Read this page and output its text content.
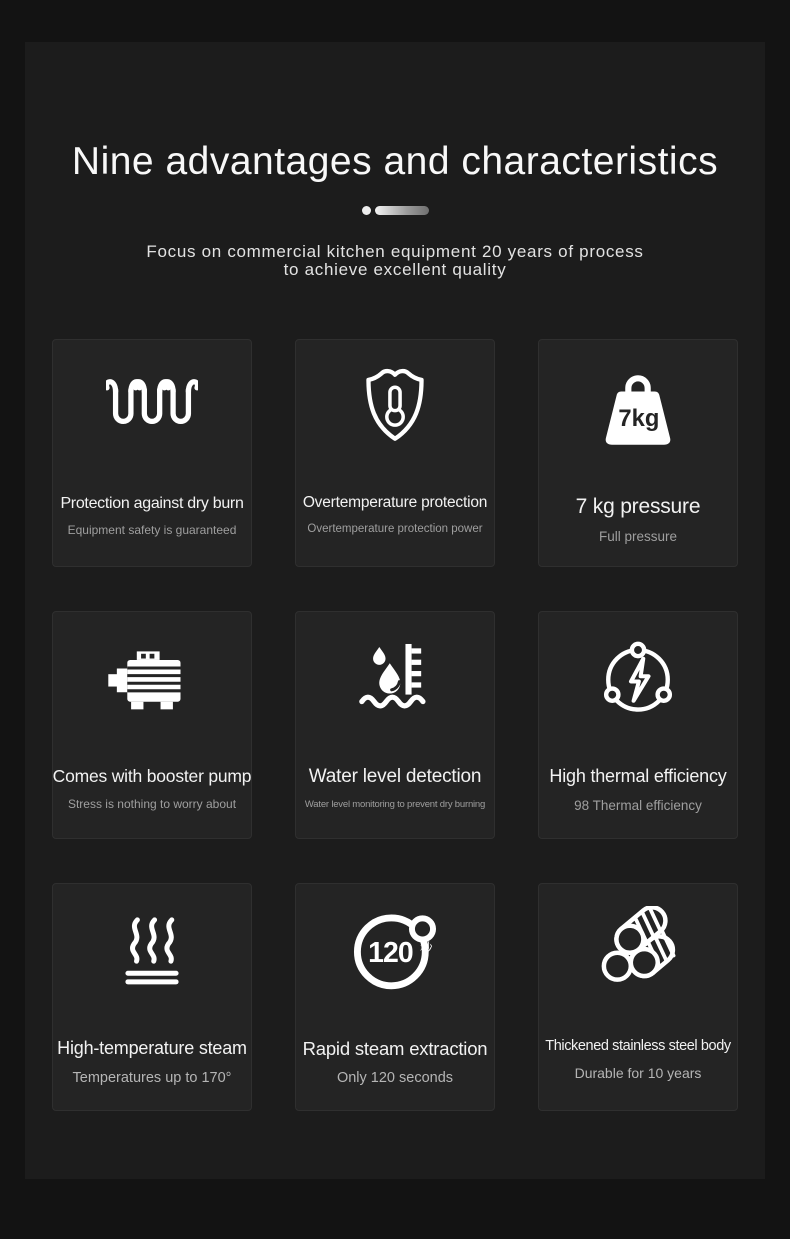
Nine advantages and characteristics
Focus on commercial kitchen equipment 20 years of process
to achieve excellent quality
Protection against dry burn
Equipment safety is guaranteed
Overtemperature protection
Overtemperature protection power
7kg
7 kg pressure
Full pressure
Comes with booster pump
Stress is nothing to worry about
Water level detection
Water level monitoring to prevent dry burning
High thermal efficiency
98 Thermal efficiency
High-temperature steam
Temperatures up to 170°
120 秒
Rapid steam extraction
Only 120 seconds
Thickened stainless steel body
Durable for 10 years
